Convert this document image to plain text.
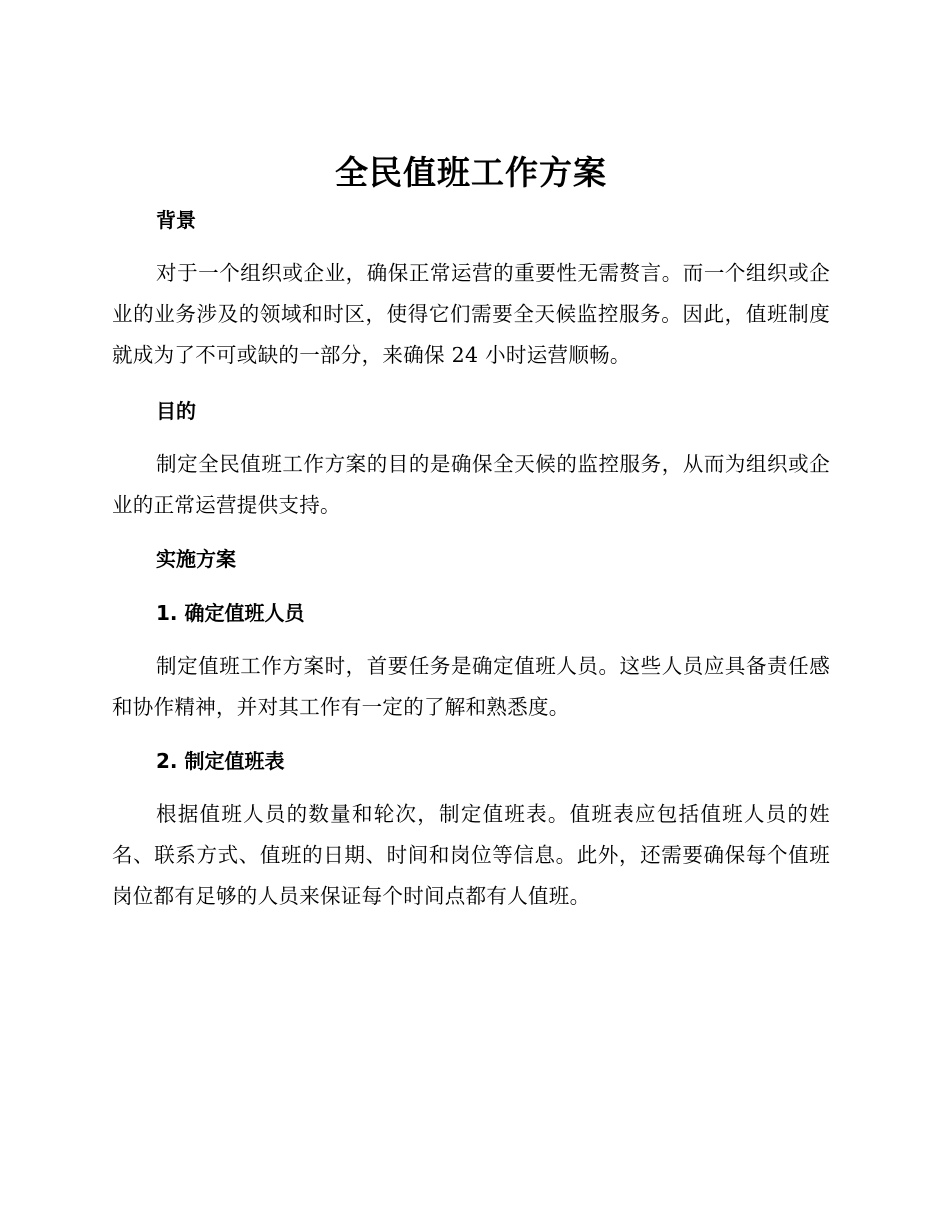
全民值班工作方案
背景

对于一个组织或企业，确保正常运营的重要性无需赘言。而一个组织或企业的业务涉及的领域和时区，使得它们需要全天候监控服务。因此，值班制度就成为了不可或缺的一部分，来确保 24 小时运营顺畅。

目的

制定全民值班工作方案的目的是确保全天候的监控服务，从而为组织或企业的正常运营提供支持。

实施方案
1. 确定值班人员

制定值班工作方案时，首要任务是确定值班人员。这些人员应具备责任感和协作精神，并对其工作有一定的了解和熟悉度。

2. 制定值班表

根据值班人员的数量和轮次，制定值班表。值班表应包括值班人员的姓名、联系方式、值班的日期、时间和岗位等信息。此外，还需要确保每个值班岗位都有足够的人员来保证每个时间点都有人值班。
